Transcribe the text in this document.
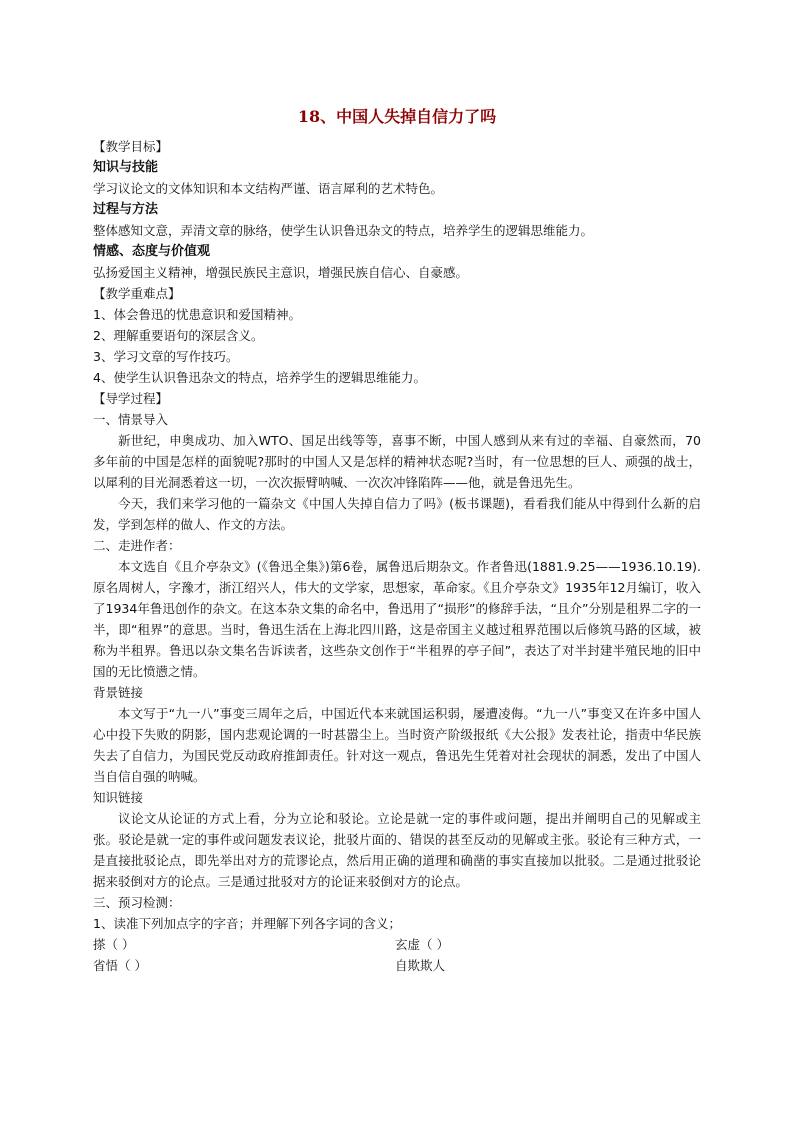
18、中国人失掉自信力了吗

【教学目标】

知识与技能

学习议论文的文体知识和本文结构严谨、语言犀利的艺术特色。

过程与方法

整体感知文意，弄清文章的脉络，使学生认识鲁迅杂文的特点，培养学生的逻辑思维能力。

情感、态度与价值观

弘扬爱国主义精神，增强民族民主意识，增强民族自信心、自豪感。

【教学重难点】

1、体会鲁迅的忧患意识和爱国精神。

2、理解重要语句的深层含义。

3、学习文章的写作技巧。

4、使学生认识鲁迅杂文的特点，培养学生的逻辑思维能力。

【导学过程】

一、情景导入

新世纪，申奥成功、加入WTO、国足出线等等，喜事不断，中国人感到从来有过的幸福、自豪然而，70多年前的中国是怎样的面貌呢?那时的中国人又是怎样的精神状态呢?当时，有一位思想的巨人、顽强的战士，以犀利的目光洞悉着这一切，一次次振臂呐喊、一次次冲锋陷阵——他，就是鲁迅先生。

今天，我们来学习他的一篇杂文《中国人失掉自信力了吗》(板书课题)，看看我们能从中得到什么新的启发，学到怎样的做人、作文的方法。

二、走进作者：

本文选自《且介亭杂文》(《鲁迅全集》)第6卷，属鲁迅后期杂文。作者鲁迅(1881.9.25——1936.10.19).原名周树人，字豫才，浙江绍兴人，伟大的文学家，思想家，革命家。《且介亭杂文》1935年12月编订，收入了1934年鲁迅创作的杂文。在这本杂文集的命名中，鲁迅用了“损形”的修辞手法，“且介”分别是租界二字的一半，即“租界”的意思。当时，鲁迅生活在上海北四川路，这是帝国主义越过租界范围以后修筑马路的区域，被称为半租界。鲁迅以杂文集名告诉读者，这些杂文创作于“半租界的亭子间”，表达了对半封建半殖民地的旧中国的无比愤懑之情。

背景链接

本文写于“九一八”事变三周年之后，中国近代本来就国运积弱，屡遭凌侮。“九一八”事变又在许多中国人心中投下失败的阴影，国内悲观论调的一时甚嚣尘上。当时资产阶级报纸《大公报》发表社论，指责中华民族失去了自信力，为国民党反动政府推卸责任。针对这一观点，鲁迅先生凭着对社会现状的洞悉，发出了中国人当自信自强的呐喊。

知识链接

议论文从论证的方式上看，分为立论和驳论。立论是就一定的事件或问题，提出并阐明自己的见解或主张。驳论是就一定的事件或问题发表议论，批驳片面的、错误的甚至反动的见解或主张。驳论有三种方式，一是直接批驳论点，即先举出对方的荒谬论点，然后用正确的道理和确凿的事实直接加以批驳。二是通过批驳论据来驳倒对方的论点。三是通过批驳对方的论证来驳倒对方的论点。

三、预习检测：

1、读准下列加点字的字音；并理解下列各字词的含义；

搽（ ）	玄虚（ ）
省悟（ ）	自欺欺人
